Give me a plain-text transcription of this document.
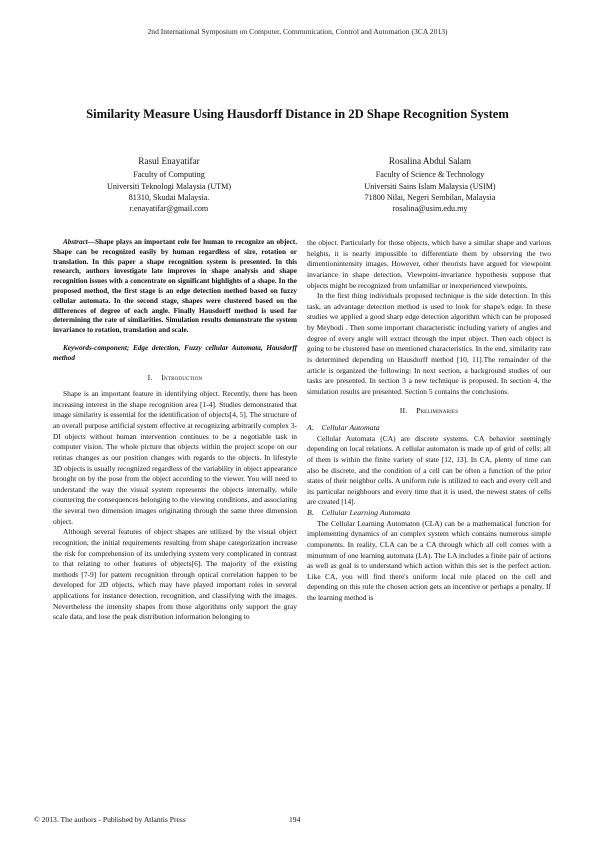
2nd International Symposium on Computer, Communication, Control and Automation (3CA 2013)
Similarity Measure Using Hausdorff Distance in 2D Shape Recognition System
Rasul Enayatifar
Faculty of Computing
Universiti Teknologi Malaysia (UTM)
81310, Skudai Malaysia.
r.enayatifar@gmail.com
Rosalina Abdul Salam
Faculty of Science & Technology
Universiti Sains Islam Malaysia (USIM)
71800 Nilai, Negeri Sembilan, Malaysia
rosalina@usim.edu.my

Abstract—Shape plays an important role for human to recognize an object. Shape can be recognized easily by human regardless of size, rotation or translation. In this paper a shape recognition system is presented. In this research, authors investigate late improves in shape analysis and shape recognition issues with a concentrate on significant highlights of a shape. In the proposed method, the first stage is an edge detection method based on fuzzy cellular automata. In the second stage, shapes were clustered based on the differences of degree of each angle. Finally Hausdorff method is used for determining the rate of similarities. Simulation results demonstrate the system invariance to rotation, translation and scale.

Keywords-component; Edge detection, Fuzzy cellular Automata, Hausdorff method

I. Introduction

Shape is an important feature in identifying object. Recently, there has been increasing interest in the shape recognition area [1-4]. Studies demonstrated that image similarity is essential for the identification of objects[4, 5]. The structure of an overall purpose artificial system effective at recognizing arbitrarily complex 3-DI objects without human intervention continues to be a negotiable task in computer vision. The whole picture that objects within the project scope on our retinas changes as our position changes with regards to the objects. In lifestyle 3D objects is usually recognized regardless of the variability in object appearance brought on by the pose from the object according to the viewer. You will need to understand the way the visual system represents the objects internally, while countering the consequences belonging to the viewing conditions, and associating the several two dimension images originating through the same three dimension object.

Although several features of object shapes are utilized by the visual object recognition, the initial requirements resulting from shape categorization increase the risk for comprehension of its underlying system very complicated in contrast to that relating to other features of objects[6]. The majority of the existing methods [7-9] for pattern recognition through optical correlation happen to be developed for 2D objects, which may have played important roles in several applications for instance detection, recognition, and classifying with the images. Nevertheless the intensity shapes from those algorithms only support the gray scale data, and lose the peak distribution information belonging to

the object. Particularly for those objects, which have a similar shape and various heights, it is nearly impossible to differentiate them by observing the two dimentionintensity images. However, other theorists have argued for viewpoint invariance in shape detection. Viewpoint-invariance hypothesis suppose that objects might be recognized from unfamiliar or inexperienced viewpoints.

In the first thing individuals proposed technique is the side detection. In this task, an advantage detection method is used to look for shape's edge. In these studies we applied a good sharp edge detection algorithm which can be proposed by Meybodi . Then some important characteristic including variety of angles and degree of every angle will extract through the input object. Then each object is going to be clustered base on mentioned characteristics. In the end, similarity rate is determined depending on Hausdorff method [10, 11].The remainder of the article is organized the following: In next section, a background studies of our tasks are presented. In section 3 a new technique is proposed. In section 4, the simulation results are presented. Section 5 contains the conclusions.

II. Preliminaries

A. Cellular Automata

Cellular Automata (CA) are discrete systems. CA behavior seemingly depending on local relations. A cellular automaton is made up of grid of cells; all of them is within the finite variety of state [12, 13]. In CA, plenty of time can also be discrete, and the condition of a cell can be often a function of the prior states of their neighbor cells. A uniform rule is utilized to each and every cell and its particular neighbours and every time that it is used, the newest states of cells are created [14].

B. Cellular Learning Automata

The Cellular Learning Automaton (CLA) can be a mathematical function for implementing dynamics of an complex system which contains numerous simple components. In reality, CLA can be a CA through which all cell comes with a minumum of one learning automata (LA). The LA includes a finite pair of actions as well as goal is to understand which action within this set is the perfect action. Like CA, you will find there's uniform local rule placed on the cell and depending on this rule the chosen action gets an incentive or perhaps a penalty. If the learning method is

© 2013. The authors - Published by Atlantis Press	194
